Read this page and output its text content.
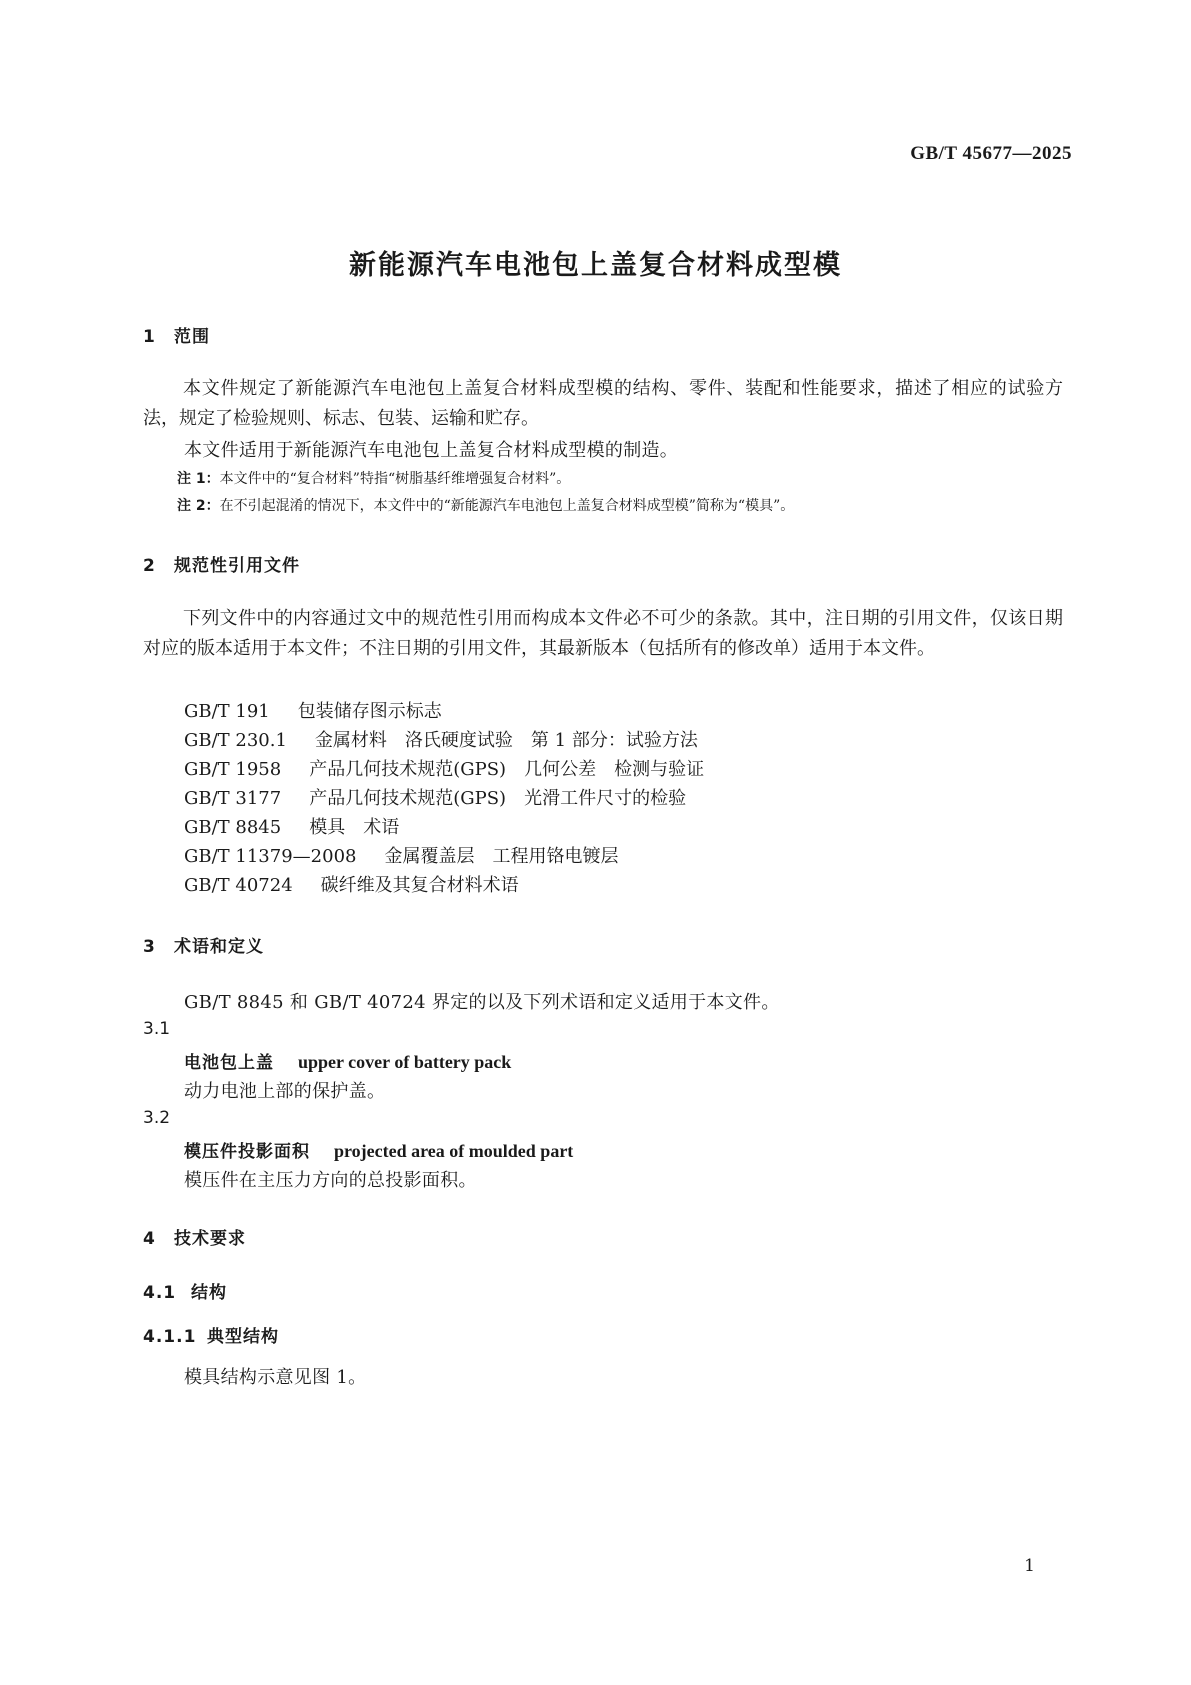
GB/T 45677—2025
新能源汽车电池包上盖复合材料成型模
1 范围
本文件规定了新能源汽车电池包上盖复合材料成型模的结构、零件、装配和性能要求，描述了相应的试验方法，规定了检验规则、标志、包装、运输和贮存。
本文件适用于新能源汽车电池包上盖复合材料成型模的制造。
注 1：本文件中的“复合材料”特指“树脂基纤维增强复合材料”。
注 2：在不引起混淆的情况下，本文件中的“新能源汽车电池包上盖复合材料成型模”简称为“模具”。
2 规范性引用文件
下列文件中的内容通过文中的规范性引用而构成本文件必不可少的条款。其中，注日期的引用文件，仅该日期对应的版本适用于本文件；不注日期的引用文件，其最新版本（包括所有的修改单）适用于本文件。
GB/T 191 包装储存图示标志
GB/T 230.1 金属材料　洛氏硬度试验　第 1 部分：试验方法
GB/T 1958 产品几何技术规范(GPS)　几何公差　检测与验证
GB/T 3177 产品几何技术规范(GPS)　光滑工件尺寸的检验
GB/T 8845 模具　术语
GB/T 11379—2008 金属覆盖层　工程用铬电镀层
GB/T 40724 碳纤维及其复合材料术语
3 术语和定义
GB/T 8845 和 GB/T 40724 界定的以及下列术语和定义适用于本文件。
3.1
电池包上盖 upper cover of battery pack
动力电池上部的保护盖。
3.2
模压件投影面积 projected area of moulded part
模压件在主压力方向的总投影面积。
4 技术要求
4.1 结构
4.1.1 典型结构
模具结构示意见图 1。
1
